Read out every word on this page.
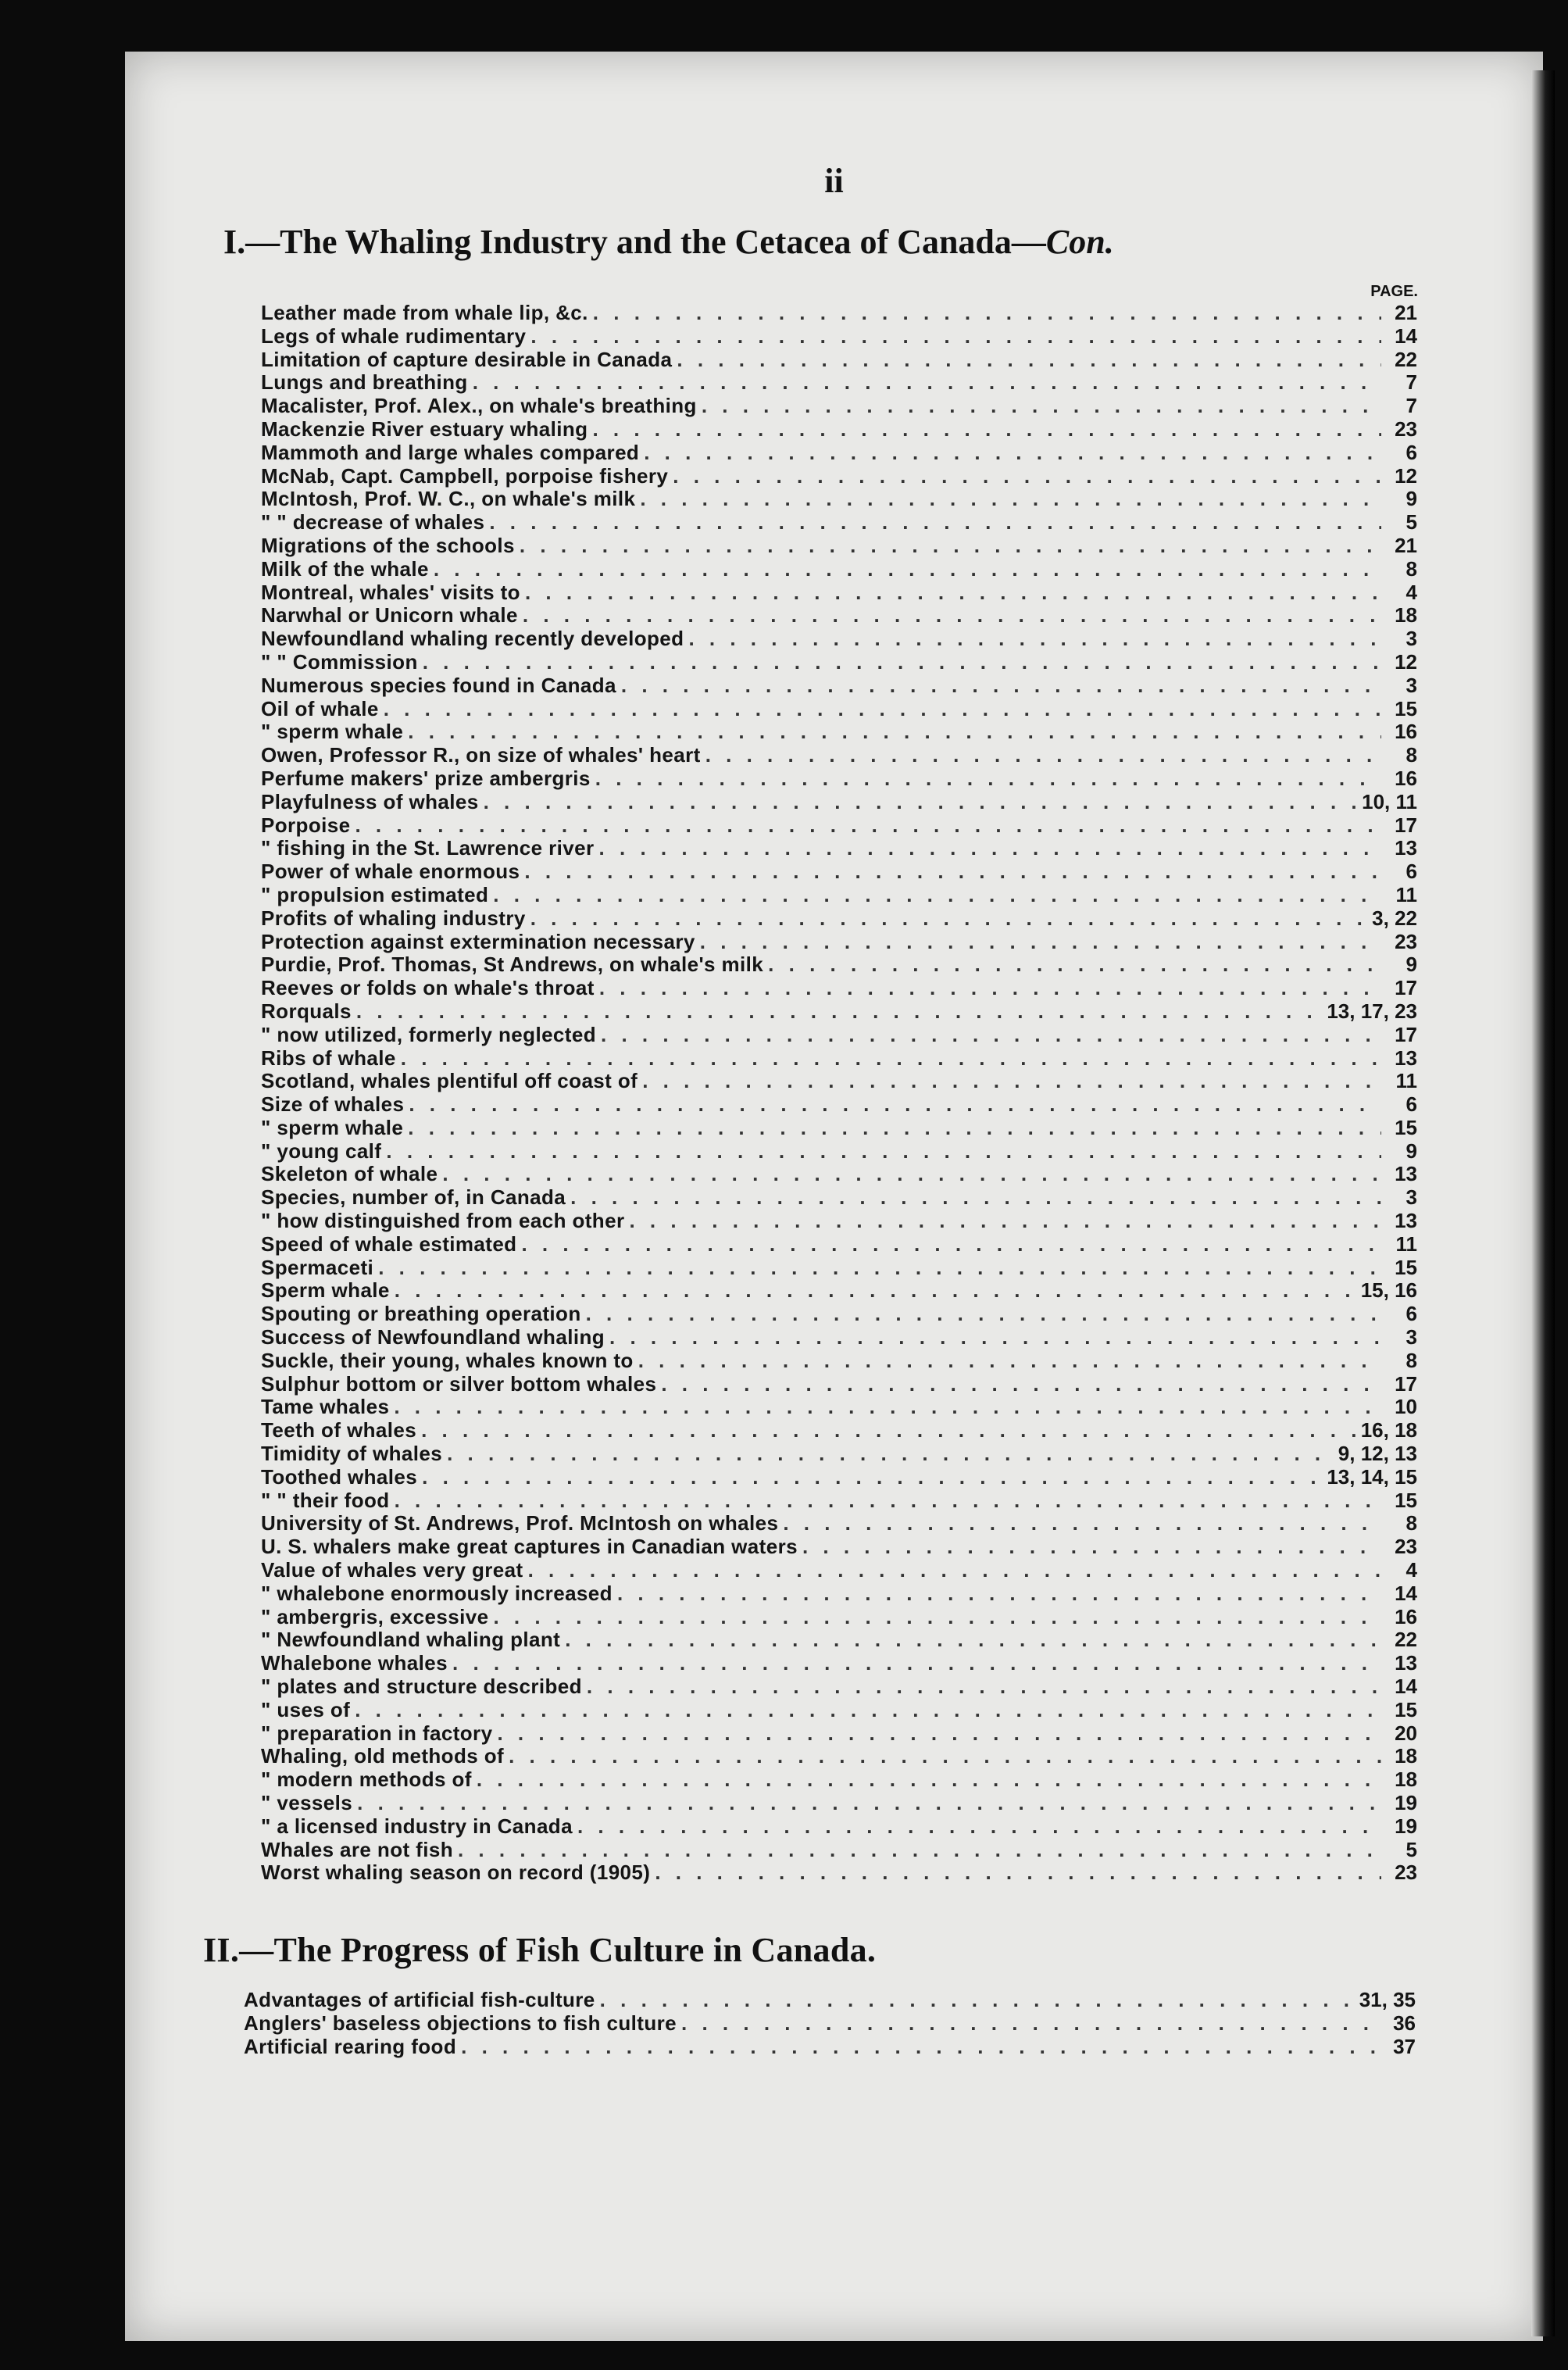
ii
I.—The Whaling Industry and the Cetacea of Canada—Con.
PAGE.
Leather made from whale lip, &c. . . .	21
Legs of whale rudimentary . . .	14
Limitation of capture desirable in Canada . . .	22
Lungs and breathing . . .	7
Macalister, Prof. Alex., on whale's breathing . . .	7
Mackenzie River estuary whaling . . .	23
Mammoth and large whales compared . . .	6
McNab, Capt. Campbell, porpoise fishery . . .	12
McIntosh, Prof. W. C., on whale's milk . . .	9
" " decrease of whales . . .	5
Migrations of the schools . . .	21
Milk of the whale . . .	8
Montreal, whales' visits to . . .	4
Narwhal or Unicorn whale . . .	18
Newfoundland whaling recently developed . . .	3
" " Commission . . .	12
Numerous species found in Canada . . .	3
Oil of whale . . .	15
" sperm whale . . .	16
Owen, Professor R., on size of whales' heart . . .	8
Perfume makers' prize ambergris . . .	16
Playfulness of whales . . .	10, 11
Porpoise . . .	17
" fishing in the St. Lawrence river . . .	13
Power of whale enormous . . .	6
" propulsion estimated . . .	11
Profits of whaling industry . . .	3, 22
Protection against extermination necessary . . .	23
Purdie, Prof. Thomas, St Andrews, on whale's milk . . .	9
Reeves or folds on whale's throat . . .	17
Rorquals . . .	13, 17, 23
" now utilized, formerly neglected . . .	17
Ribs of whale . . .	13
Scotland, whales plentiful off coast of . . .	11
Size of whales . . .	6
" sperm whale . . .	15
" young calf . . .	9
Skeleton of whale . . .	13
Species, number of, in Canada . . .	3
" how distinguished from each other . . .	13
Speed of whale estimated . . .	11
Spermaceti . . .	15
Sperm whale . . .	15, 16
Spouting or breathing operation . . .	6
Success of Newfoundland whaling . . .	3
Suckle, their young, whales known to . . .	8
Sulphur bottom or silver bottom whales . . .	17
Tame whales . . .	10
Teeth of whales . . .	16, 18
Timidity of whales . . .	9, 12, 13
Toothed whales . . .	13, 14, 15
" " their food . . .	15
University of St. Andrews, Prof. McIntosh on whales . . .	8
U. S. whalers make great captures in Canadian waters . . .	23
Value of whales very great . . .	4
" whalebone enormously increased . . .	14
" ambergris, excessive . . .	16
" Newfoundland whaling plant . . .	22
Whalebone whales . . .	13
" plates and structure described . . .	14
" uses of . . .	15
" preparation in factory . . .	20
Whaling, old methods of . . .	18
" modern methods of . . .	18
" vessels . . .	19
" a licensed industry in Canada . . .	19
Whales are not fish . . .	5
Worst whaling season on record (1905) . . .	23
II.—The Progress of Fish Culture in Canada.
Advantages of artificial fish-culture . . .	31, 35
Anglers' baseless objections to fish culture . . .	36
Artificial rearing food . . .	37
